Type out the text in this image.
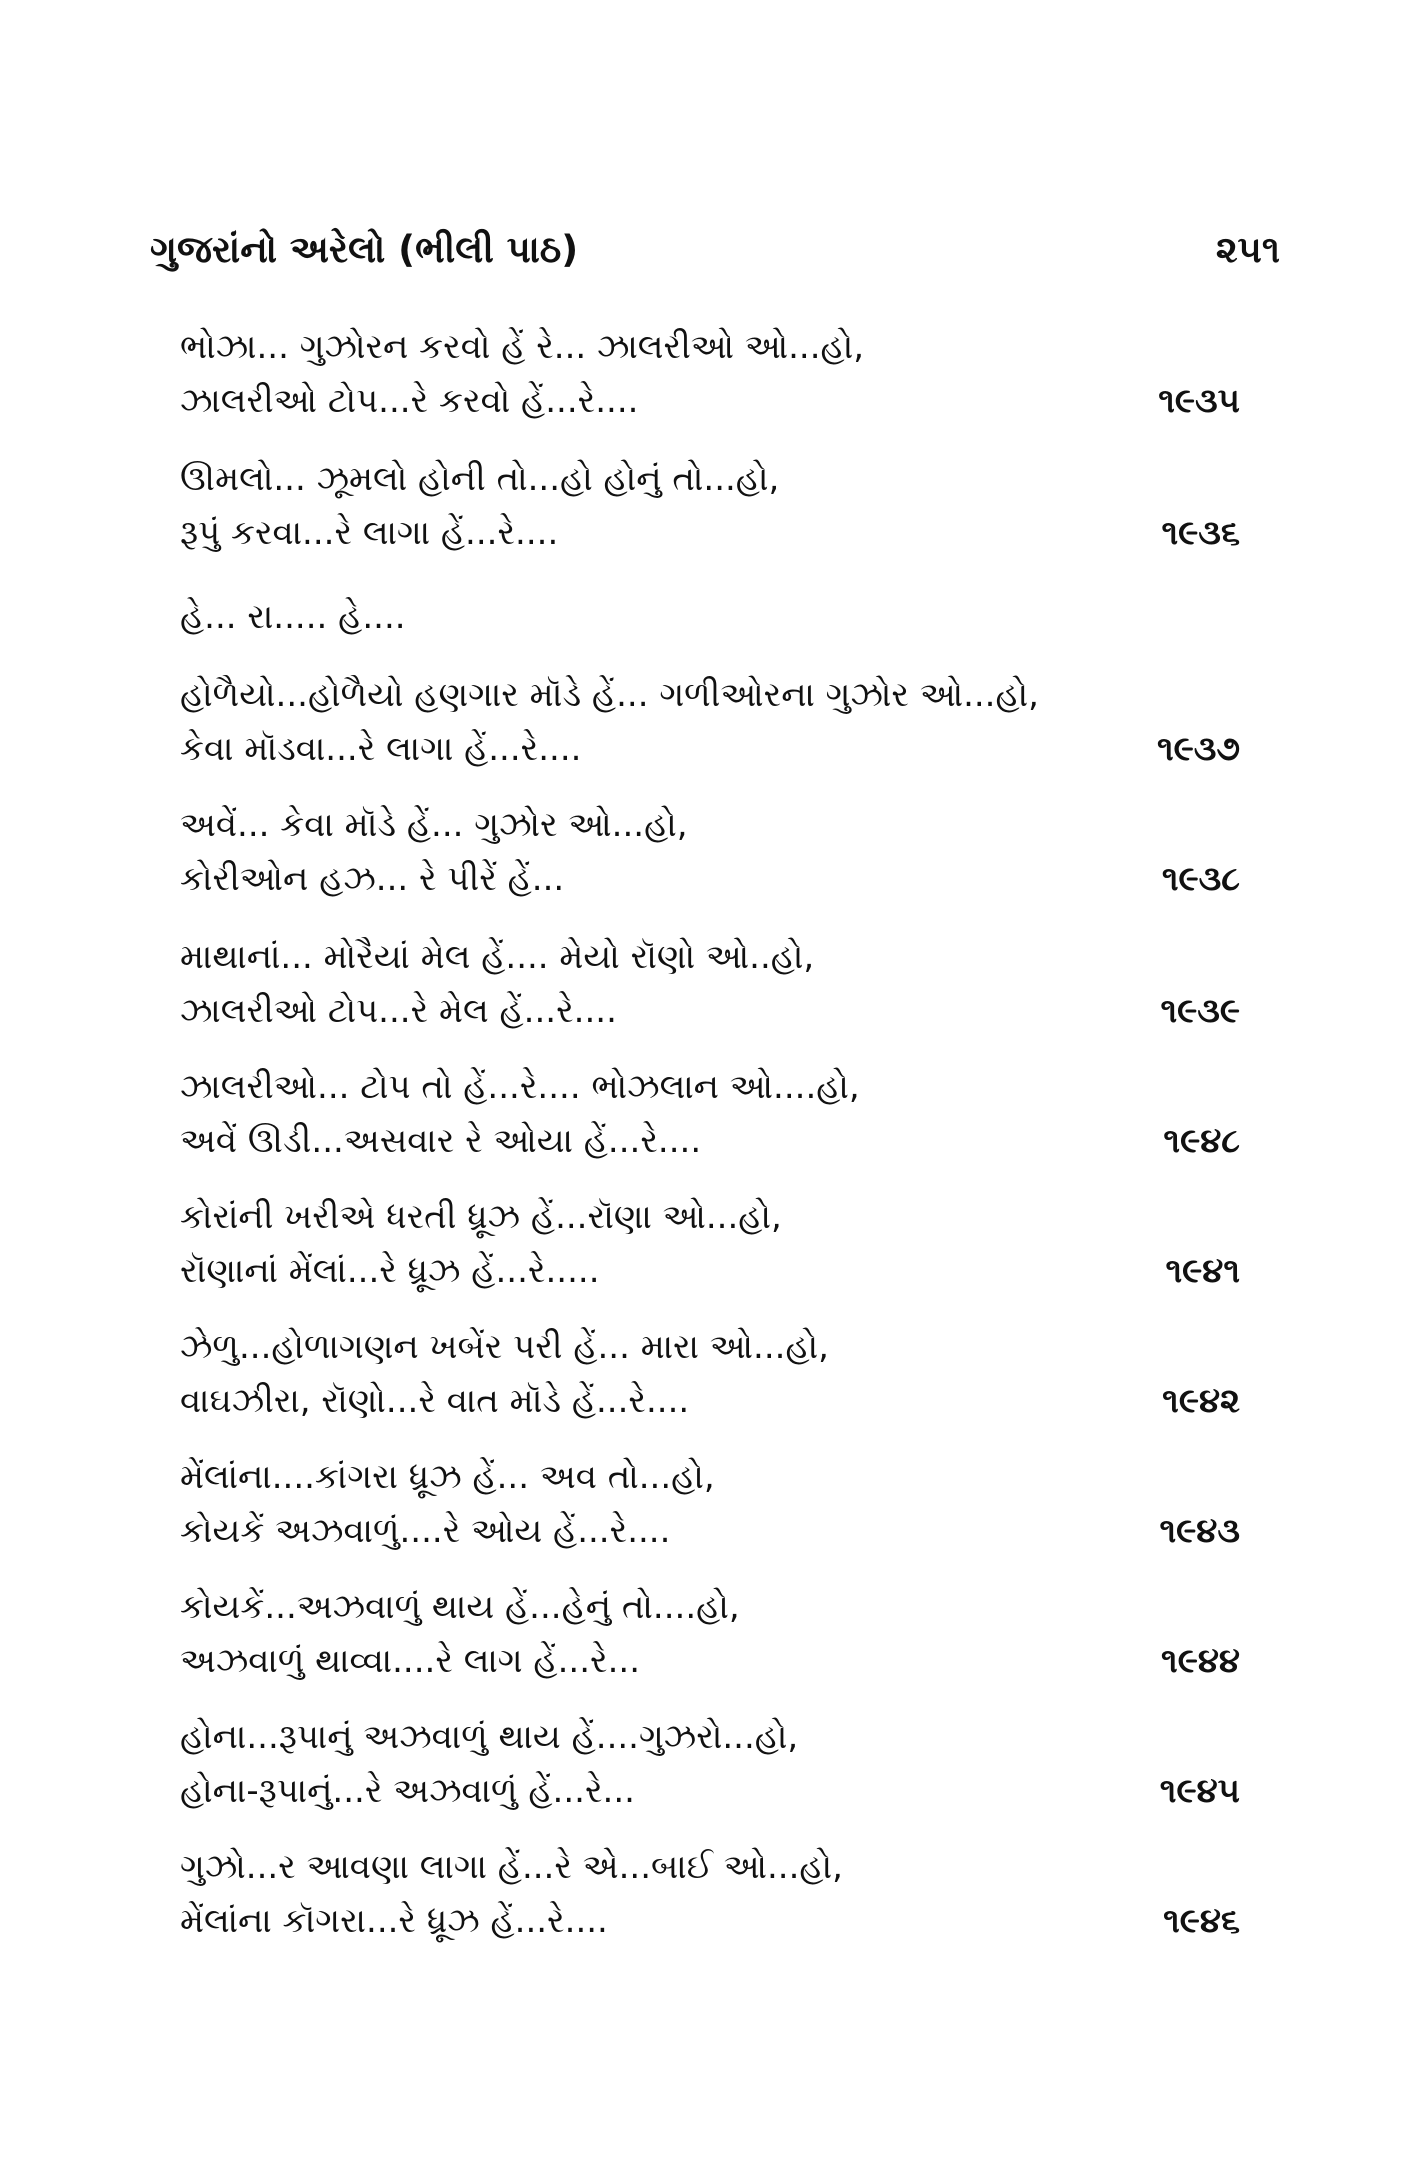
ગુજરાંનો અરેલો (ભીલી પાઠ)	૨૫૧
ભોઝા... ગુઝોરન કરવો હેં રે... ઝાલરીઓ ઓ...હો,
ઝાલરીઓ ટોપ...રે કરવો હેં...રે....	૧૯૩૫
ઊમલો... ઝૂમલો હોની તો...હો હોનું તો...હો,
રૂપું કરવા...રે લાગા હેં...રે....	૧૯૩૬
હે... રા..... હે....
હોળૈયો...હોળૈયો હણગાર મૉડે હેં... ગળીઓરના ગુઝોર ઓ...હો,
કેવા મૉડવા...રે લાગા હેં...રે....	૧૯૩૭
અવેં... કેવા મૉડે હેં... ગુઝોર ઓ...હો,
કોરીઓન હઝ... રે પીરેં હેં...	૧૯૩૮
માથાનાં... મોરૈયાં મેલ હેં.... મેયો રૉણો ઓ..હો,
ઝાલરીઓ ટોપ...રે મેલ હેં...રે....	૧૯૩૯
ઝાલરીઓ... ટોપ તો હેં...રે.... ભોઝલાન ઓ....હો,
અવેં ઊડી...અસવાર રે ઓયા હેં...રે....	૧૯૪૮
કોરાંની ખરીએ ધરતી ધ્રૂઝ હેં...રૉણા ઓ...હો,
રૉણાનાં મેંલાં...રે ધ્રૂઝ હેં...રે.....	૧૯૪૧
ઝેળુ...હોળાગણન ખબેંર પરી હેં... મારા ઓ...હો,
વાઘઝીરા, રૉણો...રે વાત મૉડે હેં...રે....	૧૯૪૨
મેંલાંના....કાંગરા ધ્રૂઝ હેં... અવ તો...હો,
કોયકેં અઝવાળું....રે ઓય હેં...રે....	૧૯૪૩
કોયકેં...અઝવાળું થાય હેં...હેનું તો....હો,
અઝવાળું થાવ્વા....રે લાગ હેં...રે...	૧૯૪૪
હોના...રૂપાનું અઝવાળું થાય હેં....ગુઝરો...હો,
હોના-રૂપાનું...રે અઝવાળું હેં...રે...	૧૯૪૫
ગુઝો...ર આવણા લાગા હેં...રે એ...બાઈ ઓ...હો,
મેંલાંના કૉગરા...રે ધ્રૂઝ હેં...રે....	૧૯૪૬
